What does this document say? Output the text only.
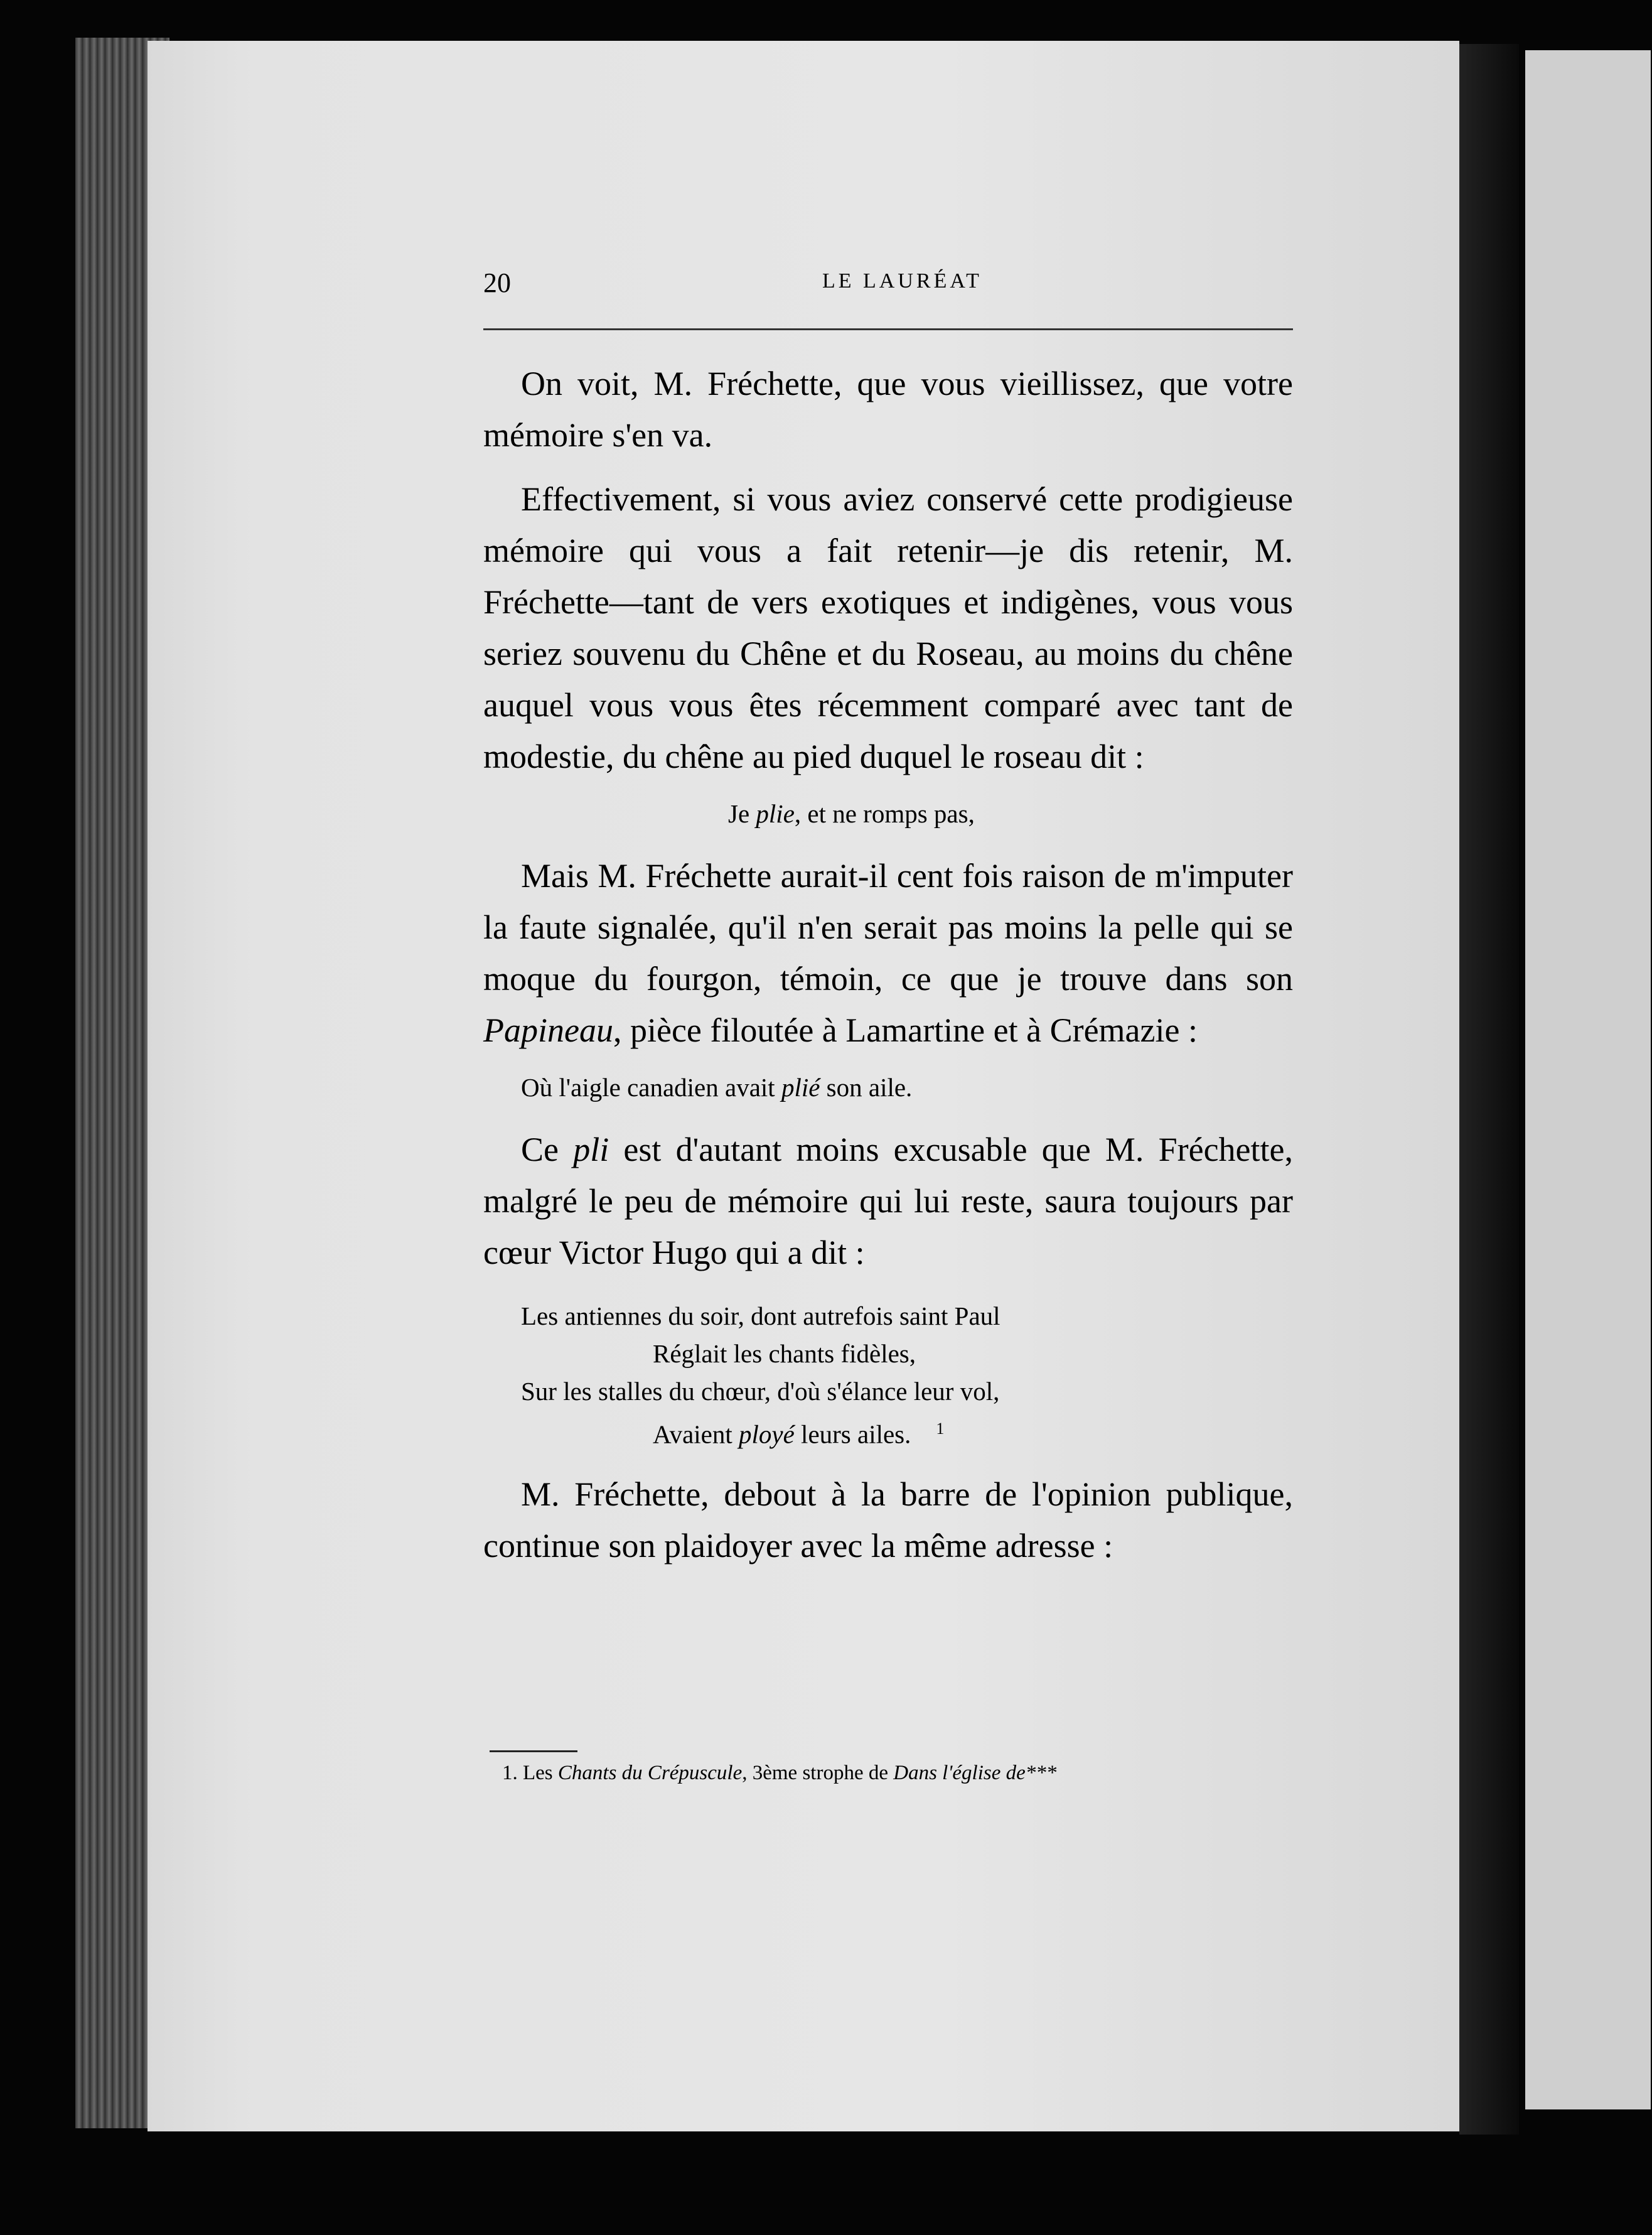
20	LE LAURÉAT

On voit, M. Fréchette, que vous vieillissez, que votre mémoire s'en va.

Effectivement, si vous aviez conservé cette prodigieuse mémoire qui vous a fait retenir—je dis retenir, M. Fréchette—tant de vers exotiques et indigènes, vous vous seriez souvenu du Chêne et du Roseau, au moins du chêne auquel vous vous êtes récemment comparé avec tant de modestie, du chêne au pied duquel le roseau dit :

Je plie, et ne romps pas,

Mais M. Fréchette aurait-il cent fois raison de m'imputer la faute signalée, qu'il n'en serait pas moins la pelle qui se moque du fourgon, témoin, ce que je trouve dans son Papineau, pièce filoutée à Lamartine et à Crémazie :

Où l'aigle canadien avait plié son aile.

Ce pli est d'autant moins excusable que M. Fréchette, malgré le peu de mémoire qui lui reste, saura toujours par cœur Victor Hugo qui a dit :

Les antiennes du soir, dont autrefois saint Paul
Réglait les chants fidèles,
Sur les stalles du chœur, d'où s'élance leur vol,
Avaient ployé leurs ailes. $^1$

M. Fréchette, debout à la barre de l'opinion publique, continue son plaidoyer avec la même adresse :

1. Les Chants du Crépuscule, 3ème strophe de Dans l'église de***
